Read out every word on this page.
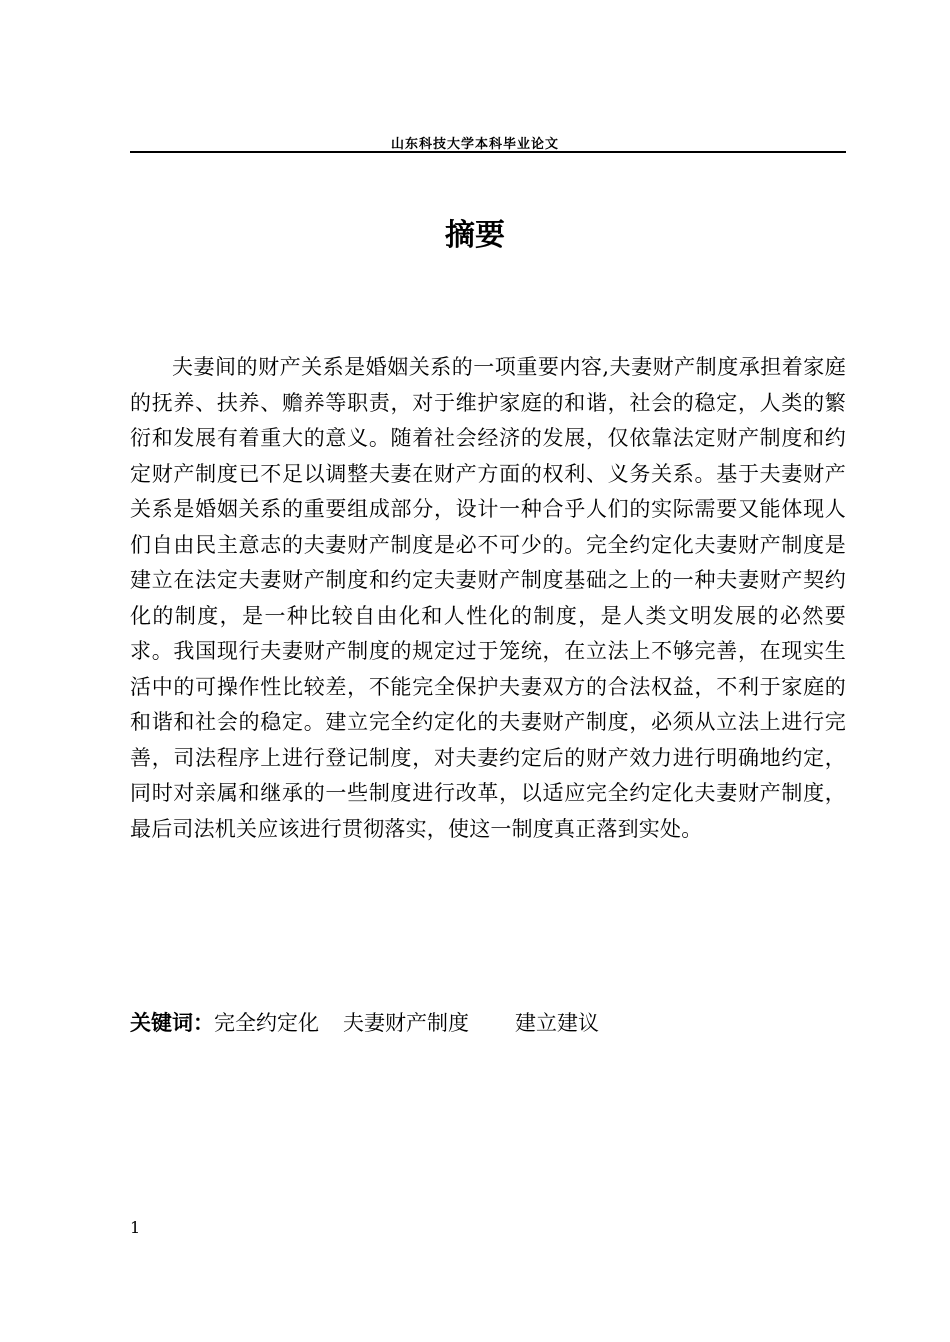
山东科技大学本科毕业论文
摘要

夫妻间的财产关系是婚姻关系的一项重要内容,夫妻财产制度承担着家庭的抚养、扶养、赡养等职责，对于维护家庭的和谐，社会的稳定，人类的繁衍和发展有着重大的意义。随着社会经济的发展，仅依靠法定财产制度和约定财产制度已不足以调整夫妻在财产方面的权利、义务关系。基于夫妻财产关系是婚姻关系的重要组成部分，设计一种合乎人们的实际需要又能体现人们自由民主意志的夫妻财产制度是必不可少的。完全约定化夫妻财产制度是建立在法定夫妻财产制度和约定夫妻财产制度基础之上的一种夫妻财产契约化的制度，是一种比较自由化和人性化的制度，是人类文明发展的必然要求。我国现行夫妻财产制度的规定过于笼统，在立法上不够完善，在现实生活中的可操作性比较差，不能完全保护夫妻双方的合法权益，不利于家庭的和谐和社会的稳定。建立完全约定化的夫妻财产制度，必须从立法上进行完善，司法程序上进行登记制度，对夫妻约定后的财产效力进行明确地约定，同时对亲属和继承的一些制度进行改革，以适应完全约定化夫妻财产制度，最后司法机关应该进行贯彻落实，使这一制度真正落到实处。

关键词：完全约定化 夫妻财产制度 建立建议
1
